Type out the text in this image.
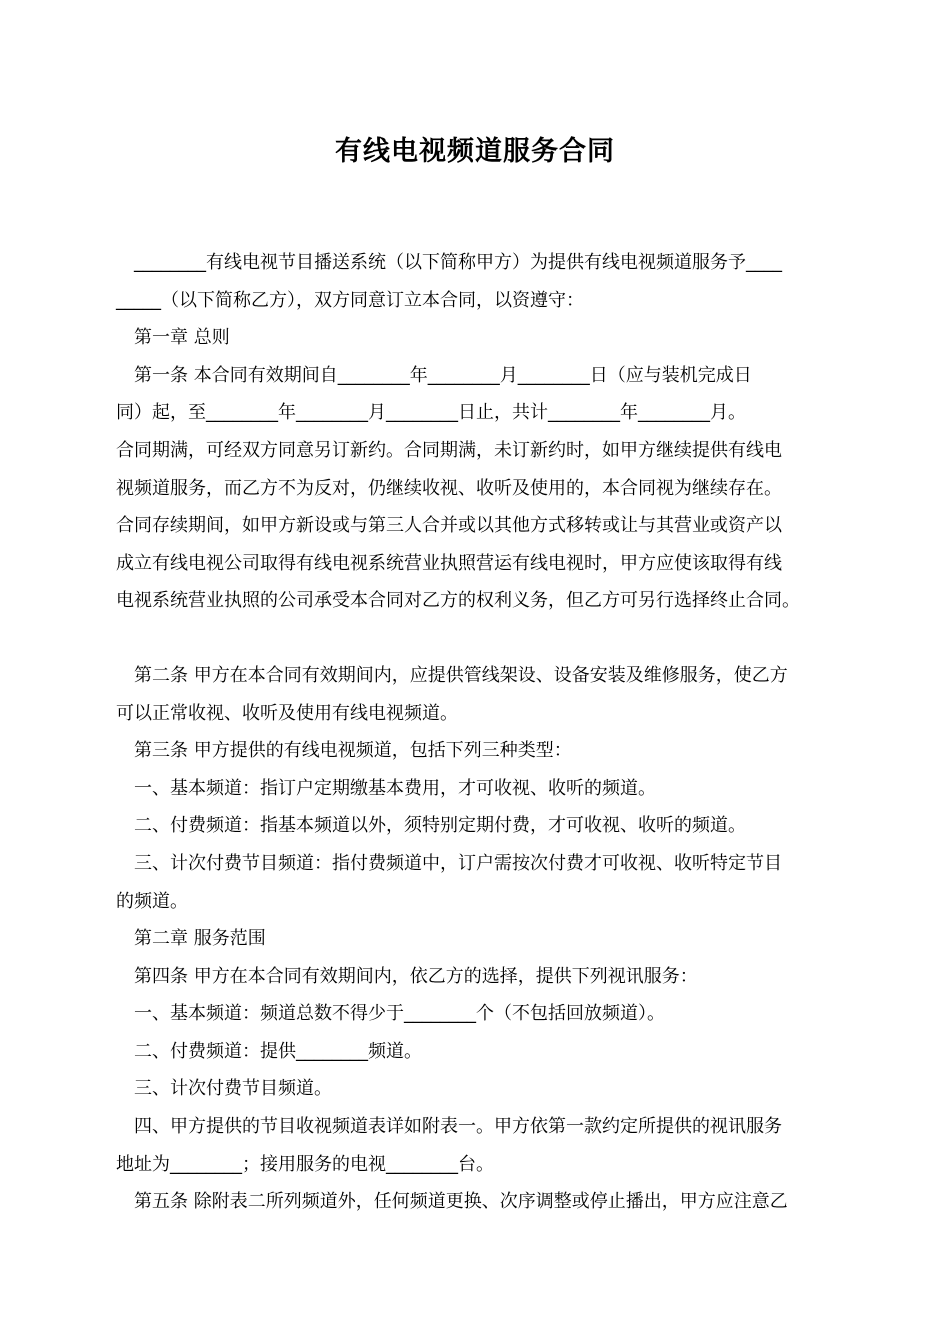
有线电视频道服务合同

________有线电视节目播送系统（以下简称甲方）为提供有线电视频道服务予____

_____（以下简称乙方），双方同意订立本合同，以资遵守：

第一章 总则

第一条 本合同有效期间自________年________月________日（应与装机完成日

同）起，至________年________月________日止，共计________年________月。

合同期满，可经双方同意另订新约。合同期满，未订新约时，如甲方继续提供有线电

视频道服务，而乙方不为反对，仍继续收视、收听及使用的，本合同视为继续存在。

合同存续期间，如甲方新设或与第三人合并或以其他方式移转或让与其营业或资产以

成立有线电视公司取得有线电视系统营业执照营运有线电视时，甲方应使该取得有线

电视系统营业执照的公司承受本合同对乙方的权利义务，但乙方可另行选择终止合同。

第二条 甲方在本合同有效期间内，应提供管线架设、设备安装及维修服务，使乙方

可以正常收视、收听及使用有线电视频道。

第三条 甲方提供的有线电视频道，包括下列三种类型：

一、基本频道：指订户定期缴基本费用，才可收视、收听的频道。

二、付费频道：指基本频道以外，须特别定期付费，才可收视、收听的频道。

三、计次付费节目频道：指付费频道中，订户需按次付费才可收视、收听特定节目

的频道。

第二章 服务范围

第四条 甲方在本合同有效期间内，依乙方的选择，提供下列视讯服务：

一、基本频道：频道总数不得少于________个（不包括回放频道）。

二、付费频道：提供________频道。

三、计次付费节目频道。

四、甲方提供的节目收视频道表详如附表一。甲方依第一款约定所提供的视讯服务

地址为________；接用服务的电视________台。

第五条 除附表二所列频道外，任何频道更换、次序调整或停止播出，甲方应注意乙
